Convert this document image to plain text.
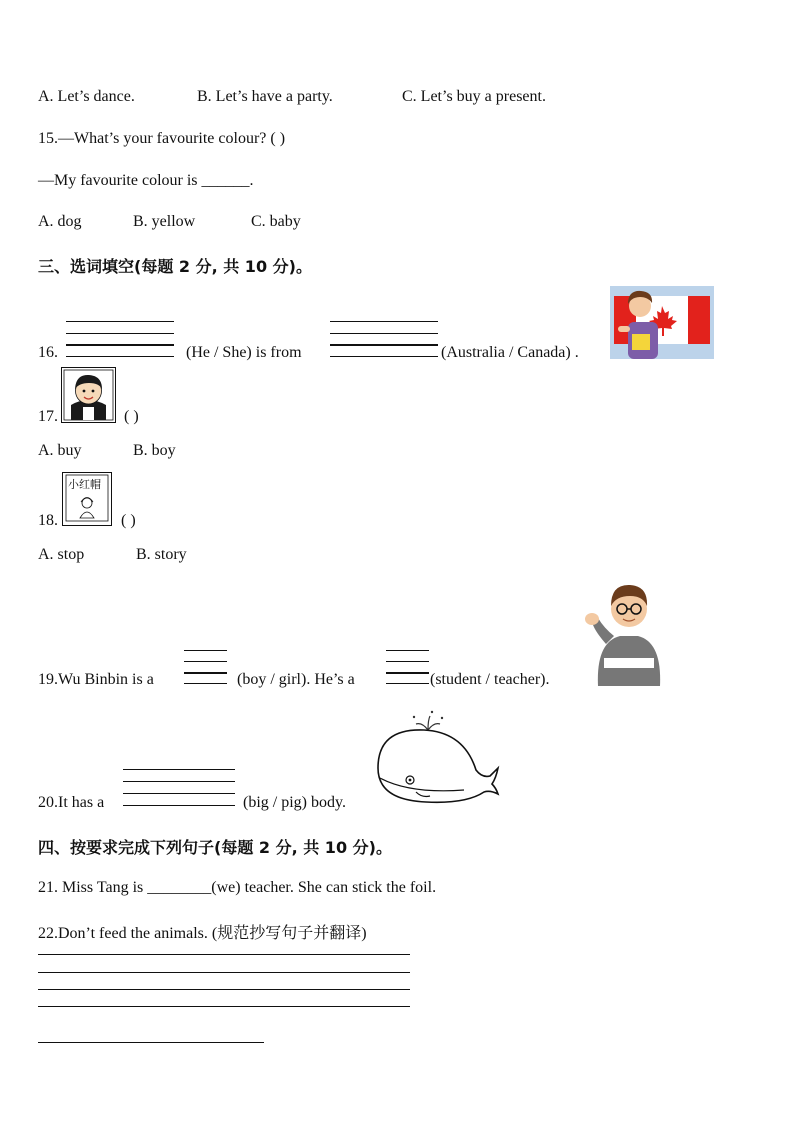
A. Let’s dance.	B. Let’s have a party.	C. Let’s buy a present.
15.—What’s your favourite colour? ( )
—My favourite colour is ______.
A. dog	B. yellow	C. baby
三、选词填空(每题 2 分, 共 10 分)。
16.	(He / She) is from	(Australia / Canada) .
17.	( )
A. buy	B. boy
18.
小红帽
( )
A. stop	B. story
19.Wu Binbin is a	(boy / girl). He’s a	(student / teacher).
20.It has a	(big / pig) body.
四、按要求完成下列句子(每题 2 分, 共 10 分)。
21. Miss Tang is ________(we) teacher. She can stick the foil.
22.Don’t feed the animals. (规范抄写句子并翻译)
